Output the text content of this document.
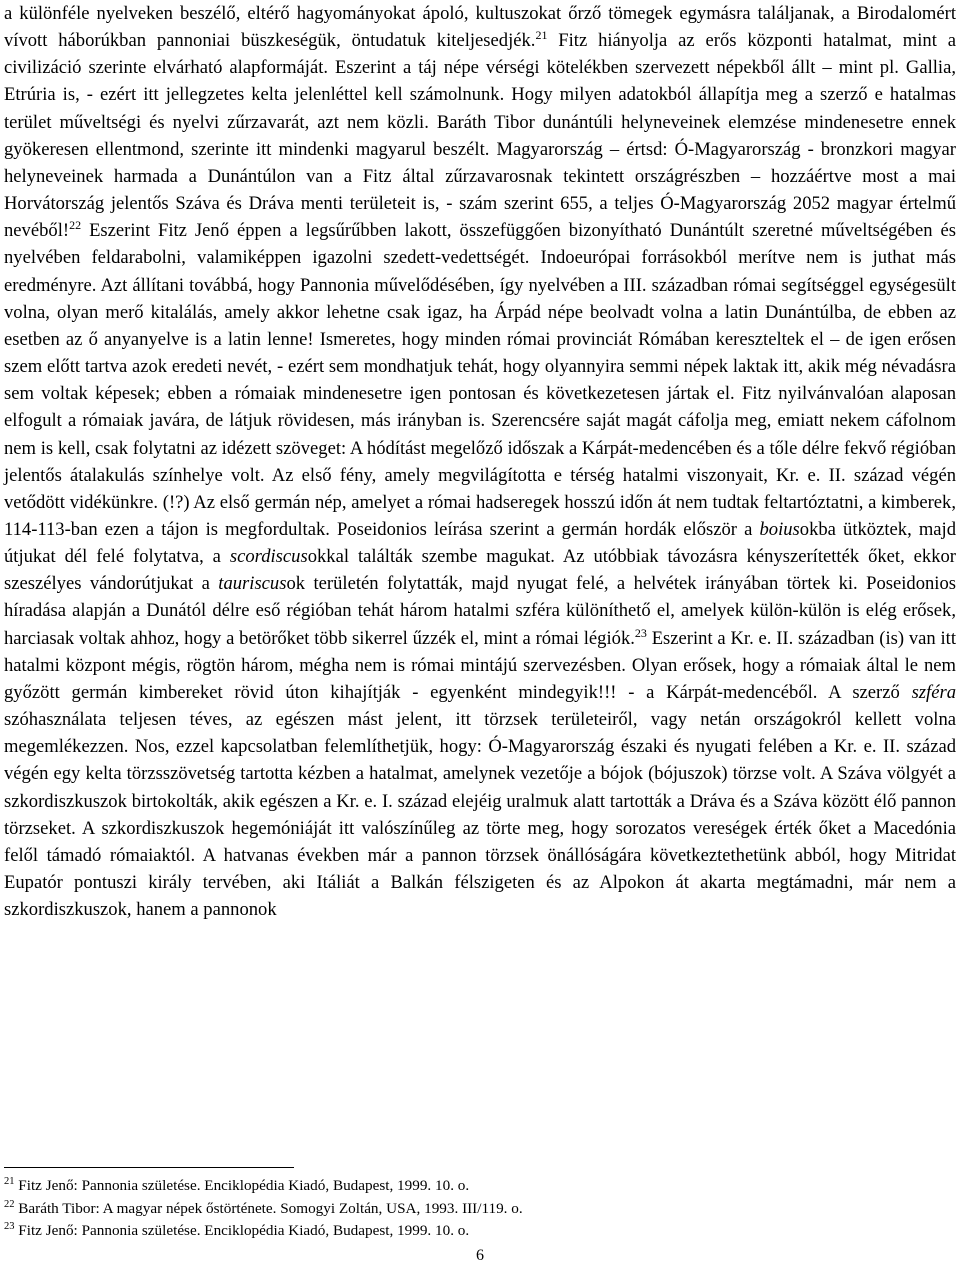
a különféle nyelveken beszélő, eltérő hagyományokat ápoló, kultuszokat őrző tömegek egymásra találjanak, a Birodalomért vívott háborúkban pannoniai büszkeségük, öntudatuk kiteljesedjék.$^{21}$ Fitz hiányolja az erős központi hatalmat, mint a civilizáció szerinte elvárható alapformáját. Eszerint a táj népe vérségi kötelékben szervezett népekből állt – mint pl. Gallia, Etrúria is, - ezért itt jellegzetes kelta jelenléttel kell számolnunk. Hogy milyen adatokból állapítja meg a szerző e hatalmas terület műveltségi és nyelvi zűrzavarát, azt nem közli. Baráth Tibor dunántúli helyneveinek elemzése mindenesetre ennek gyökeresen ellentmond, szerinte itt mindenki magyarul beszélt. Magyarország – értsd: Ó-Magyarország - bronzkori magyar helyneveinek harmada a Dunántúlon van a Fitz által zűrzavarosnak tekintett országrészben – hozzáértve most a mai Horvátország jelentős Száva és Dráva menti területeit is, - szám szerint 655, a teljes Ó-Magyarország 2052 magyar értelmű nevéből!$^{22}$ Eszerint Fitz Jenő éppen a legsűrűbben lakott, összefüggően bizonyítható Dunántúlt szeretné műveltségében és nyelvében feldarabolni, valamiképpen igazolni szedett-vedettségét. Indoeurópai forrásokból merítve nem is juthat más eredményre. Azt állítani továbbá, hogy Pannonia művelődésében, így nyelvében a III. században római segítséggel egységesült volna, olyan merő kitalálás, amely akkor lehetne csak igaz, ha Árpád népe beolvadt volna a latin Dunántúlba, de ebben az esetben az ő anyanyelve is a latin lenne! Ismeretes, hogy minden római provinciát Rómában kereszteltek el – de igen erősen szem előtt tartva azok eredeti nevét, - ezért sem mondhatjuk tehát, hogy olyannyira semmi népek laktak itt, akik még névadásra sem voltak képesek; ebben a rómaiak mindenesetre igen pontosan és következetesen jártak el. Fitz nyilvánvalóan alaposan elfogult a rómaiak javára, de látjuk rövidesen, más irányban is. Szerencsére saját magát cáfolja meg, emiatt nekem cáfolnom nem is kell, csak folytatni az idézett szöveget: A hódítást megelőző időszak a Kárpát-medencében és a tőle délre fekvő régióban jelentős átalakulás színhelye volt. Az első fény, amely megvilágította e térség hatalmi viszonyait, Kr. e. II. század végén vetődött vidékünkre. (!?) Az első germán nép, amelyet a római hadseregek hosszú időn át nem tudtak feltartóztatni, a kimberek, 114-113-ban ezen a tájon is megfordultak. Poseidonios leírása szerint a germán hordák először a boiusokba ütköztek, majd útjukat dél felé folytatva, a scordiscusokkal találták szembe magukat. Az utóbbiak távozásra kényszerítették őket, ekkor szeszélyes vándorútjukat a tauriscusok területén folytatták, majd nyugat felé, a helvétek irányában törtek ki. Poseidonios híradása alapján a Dunától délre eső régióban tehát három hatalmi szféra különíthető el, amelyek külön-külön is elég erősek, harciasak voltak ahhoz, hogy a betörőket több sikerrel űzzék el, mint a római légiók.$^{23}$ Eszerint a Kr. e. II. században (is) van itt hatalmi központ mégis, rögtön három, mégha nem is római mintájú szervezésben. Olyan erősek, hogy a rómaiak által le nem győzött germán kimbereket rövid úton kihajítják - egyenként mindegyik!!! - a Kárpát-medencéből. A szerző szféra szóhasználata teljesen téves, az egészen mást jelent, itt törzsek területeiről, vagy netán országokról kellett volna megemlékezzen. Nos, ezzel kapcsolatban felemlíthetjük, hogy: Ó-Magyarország északi és nyugati felében a Kr. e. II. század végén egy kelta törzsszövetség tartotta kézben a hatalmat, amelynek vezetője a bójok (bójuszok) törzse volt. A Száva völgyét a szkordiszkuszok birtokolták, akik egészen a Kr. e. I. század elejéig uralmuk alatt tartották a Dráva és a Száva között élő pannon törzseket. A szkordiszkuszok hegemóniáját itt valószínűleg az törte meg, hogy sorozatos vereségek érték őket a Macedónia felől támadó rómaiaktól. A hatvanas években már a pannon törzsek önállóságára következtethetünk abból, hogy Mitridat Eupatór pontuszi király tervében, aki Itáliát a Balkán félszigeten és az Alpokon át akarta megtámadni, már nem a szkordiszkuszok, hanem a pannonok

$^{21}$ Fitz Jenő: Pannonia születése. Enciklopédia Kiadó, Budapest, 1999. 10. o.

$^{22}$ Baráth Tibor: A magyar népek őstörténete. Somogyi Zoltán, USA, 1993. III/119. o.

$^{23}$ Fitz Jenő: Pannonia születése. Enciklopédia Kiadó, Budapest, 1999. 10. o.

6
